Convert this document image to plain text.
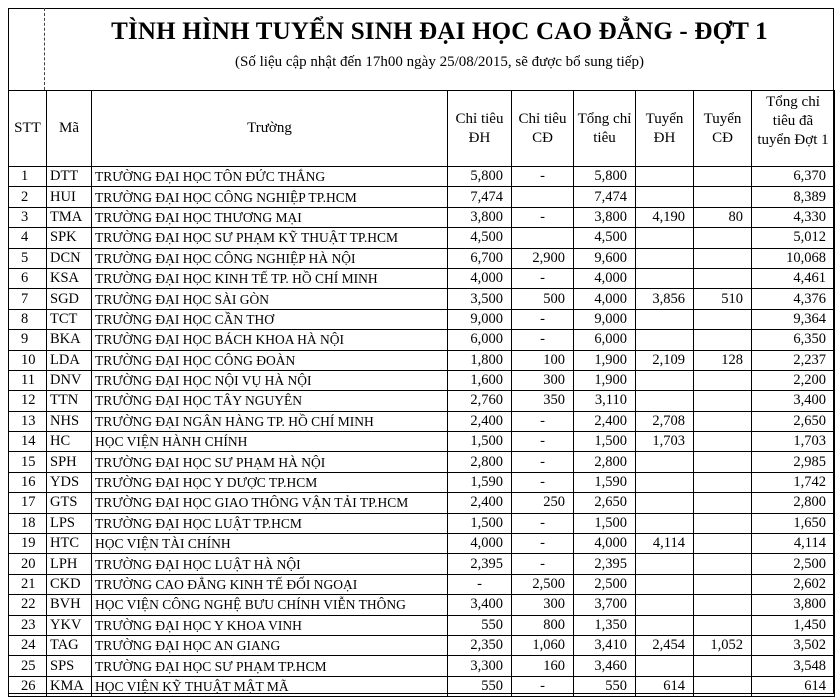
TÌNH HÌNH TUYỂN SINH ĐẠI HỌC CAO ĐẲNG - ĐỢT 1
(Số liệu cập nhật đến 17h00 ngày 25/08/2015, sẽ được bổ sung tiếp)
STT	Mã	Trường	Chỉ tiêu ĐH	Chỉ tiêu CĐ	Tổng chỉ tiêu	Tuyển ĐH	Tuyển CĐ	Tổng chỉ tiêu đã tuyển Đợt 1
1	DTT	TRƯỜNG ĐẠI HỌC TÔN ĐỨC THẮNG	5,800	-	5,800			6,370
2	HUI	TRƯỜNG ĐẠI HỌC CÔNG NGHIỆP TP.HCM	7,474		7,474			8,389
3	TMA	TRƯỜNG ĐẠI HỌC THƯƠNG MẠI	3,800	-	3,800	4,190	80	4,330
4	SPK	TRƯỜNG ĐẠI HỌC SƯ PHẠM KỸ THUẬT TP.HCM	4,500		4,500			5,012
5	DCN	TRƯỜNG ĐẠI HỌC CÔNG NGHIỆP HÀ NỘI	6,700	2,900	9,600			10,068
6	KSA	TRƯỜNG ĐẠI HỌC KINH TẾ TP. HỒ CHÍ MINH	4,000	-	4,000			4,461
7	SGD	TRƯỜNG ĐẠI HỌC SÀI GÒN	3,500	500	4,000	3,856	510	4,376
8	TCT	TRƯỜNG ĐẠI HỌC CẦN THƠ	9,000	-	9,000			9,364
9	BKA	TRƯỜNG ĐẠI HỌC BÁCH KHOA HÀ NỘI	6,000	-	6,000			6,350
10	LDA	TRƯỜNG ĐẠI HỌC CÔNG ĐOÀN	1,800	100	1,900	2,109	128	2,237
11	DNV	TRƯỜNG ĐẠI HỌC NỘI VỤ HÀ NỘI	1,600	300	1,900			2,200
12	TTN	TRƯỜNG ĐẠI HỌC TÂY NGUYÊN	2,760	350	3,110			3,400
13	NHS	TRƯỜNG ĐẠI NGÂN HÀNG TP. HỒ CHÍ MINH	2,400	-	2,400	2,708		2,650
14	HC	HỌC VIỆN HÀNH CHÍNH	1,500	-	1,500	1,703		1,703
15	SPH	TRƯỜNG ĐẠI HỌC SƯ PHẠM HÀ NỘI	2,800	-	2,800			2,985
16	YDS	TRƯỜNG ĐẠI HỌC Y DƯỢC TP.HCM	1,590	-	1,590			1,742
17	GTS	TRƯỜNG ĐẠI HỌC GIAO THÔNG VẬN TẢI TP.HCM	2,400	250	2,650			2,800
18	LPS	TRƯỜNG ĐẠI HỌC LUẬT TP.HCM	1,500	-	1,500			1,650
19	HTC	HỌC VIỆN TÀI CHÍNH	4,000	-	4,000	4,114		4,114
20	LPH	TRƯỜNG ĐẠI HỌC LUẬT HÀ NỘI	2,395	-	2,395			2,500
21	CKD	TRƯỜNG CAO ĐẲNG KINH TẾ ĐỐI NGOẠI	-	2,500	2,500			2,602
22	BVH	HỌC VIỆN CÔNG NGHỆ BƯU CHÍNH VIỄN THÔNG	3,400	300	3,700			3,800
23	YKV	TRƯỜNG ĐẠI HỌC Y KHOA VINH	550	800	1,350			1,450
24	TAG	TRƯỜNG ĐẠI HỌC AN GIANG	2,350	1,060	3,410	2,454	1,052	3,502
25	SPS	TRƯỜNG ĐẠI HỌC SƯ PHẠM TP.HCM	3,300	160	3,460			3,548
26	KMA	HỌC VIỆN KỸ THUẬT MẬT MÃ	550	-	550	614		614
